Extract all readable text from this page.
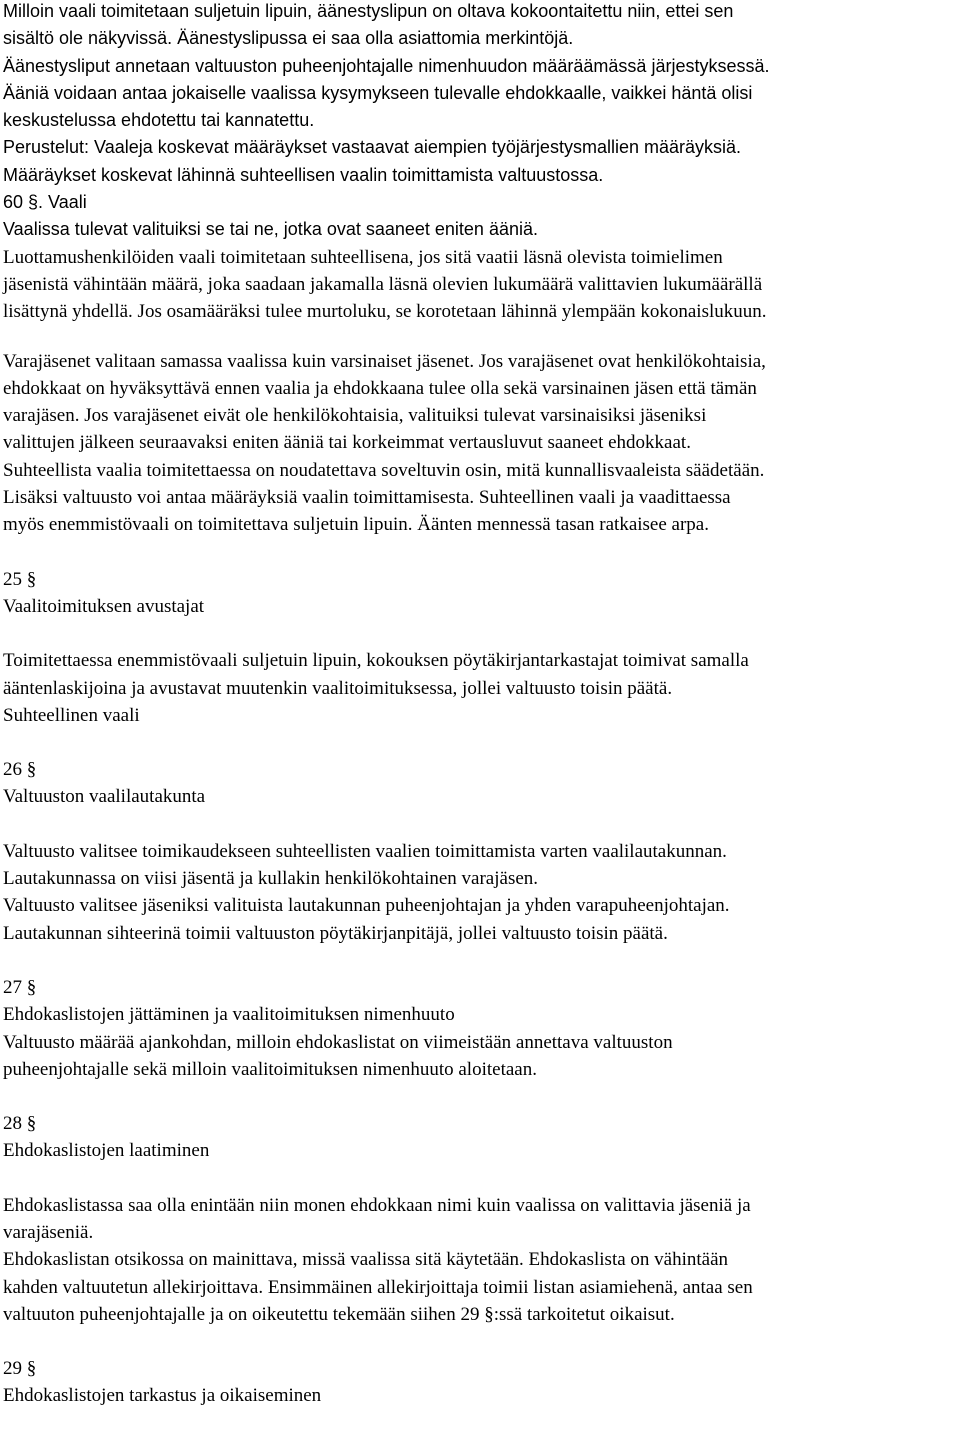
Milloin vaali toimitetaan suljetuin lipuin, äänestyslipun on oltava kokoontaitettu niin, ettei sen
sisältö ole näkyvissä. Äänestyslipussa ei saa olla asiattomia merkintöjä.
Äänestysliput annetaan valtuuston puheenjohtajalle nimenhuudon määräämässä järjestyksessä.
Ääniä voidaan antaa jokaiselle vaalissa kysymykseen tulevalle ehdokkaalle, vaikkei häntä olisi
keskustelussa ehdotettu tai kannatettu.
Perustelut: Vaaleja koskevat määräykset vastaavat aiempien työjärjestysmallien määräyksiä.
Määräykset koskevat lähinnä suhteellisen vaalin toimittamista valtuustossa.
60 §. Vaali
Vaalissa tulevat valituiksi se tai ne, jotka ovat saaneet eniten ääniä.
Luottamushenkilöiden vaali toimitetaan suhteellisena, jos sitä vaatii läsnä olevista toimielimen
jäsenistä vähintään määrä, joka saadaan jakamalla läsnä olevien lukumäärä valittavien lukumäärällä
lisättynä yhdellä. Jos osamääräksi tulee murtoluku, se korotetaan lähinnä ylempään kokonaislukuun.
Varajäsenet valitaan samassa vaalissa kuin varsinaiset jäsenet. Jos varajäsenet ovat henkilökohtaisia,
ehdokkaat on hyväksyttävä ennen vaalia ja ehdokkaana tulee olla sekä varsinainen jäsen että tämän
varajäsen. Jos varajäsenet eivät ole henkilökohtaisia, valituiksi tulevat varsinaisiksi jäseniksi
valittujen jälkeen seuraavaksi eniten ääniä tai korkeimmat vertausluvut saaneet ehdokkaat.
Suhteellista vaalia toimitettaessa on noudatettava soveltuvin osin, mitä kunnallisvaaleista säädetään.
Lisäksi valtuusto voi antaa määräyksiä vaalin toimittamisesta. Suhteellinen vaali ja vaadittaessa
myös enemmistövaali on toimitettava suljetuin lipuin. Äänten mennessä tasan ratkaisee arpa.
25 §
Vaalitoimituksen avustajat
Toimitettaessa enemmistövaali suljetuin lipuin, kokouksen pöytäkirjantarkastajat toimivat samalla
ääntenlaskijoina ja avustavat muutenkin vaalitoimituksessa, jollei valtuusto toisin päätä.
Suhteellinen vaali
26 §
Valtuuston vaalilautakunta
Valtuusto valitsee toimikaudekseen suhteellisten vaalien toimittamista varten vaalilautakunnan.
Lautakunnassa on viisi jäsentä ja kullakin henkilökohtainen varajäsen.
Valtuusto valitsee jäseniksi valituista lautakunnan puheenjohtajan ja yhden varapuheenjohtajan.
Lautakunnan sihteerinä toimii valtuuston pöytäkirjanpitäjä, jollei valtuusto toisin päätä.
27 §
Ehdokaslistojen jättäminen ja vaalitoimituksen nimenhuuto
Valtuusto määrää ajankohdan, milloin ehdokaslistat on viimeistään annettava valtuuston
puheenjohtajalle sekä milloin vaalitoimituksen nimenhuuto aloitetaan.
28 §
Ehdokaslistojen laatiminen
Ehdokaslistassa saa olla enintään niin monen ehdokkaan nimi kuin vaalissa on valittavia jäseniä ja
varajäseniä.
Ehdokaslistan otsikossa on mainittava, missä vaalissa sitä käytetään. Ehdokaslista on vähintään
kahden valtuutetun allekirjoittava. Ensimmäinen allekirjoittaja toimii listan asiamiehenä, antaa sen
valtuuton puheenjohtajalle ja on oikeutettu tekemään siihen 29 §:ssä tarkoitetut oikaisut.
29 §
Ehdokaslistojen tarkastus ja oikaiseminen
